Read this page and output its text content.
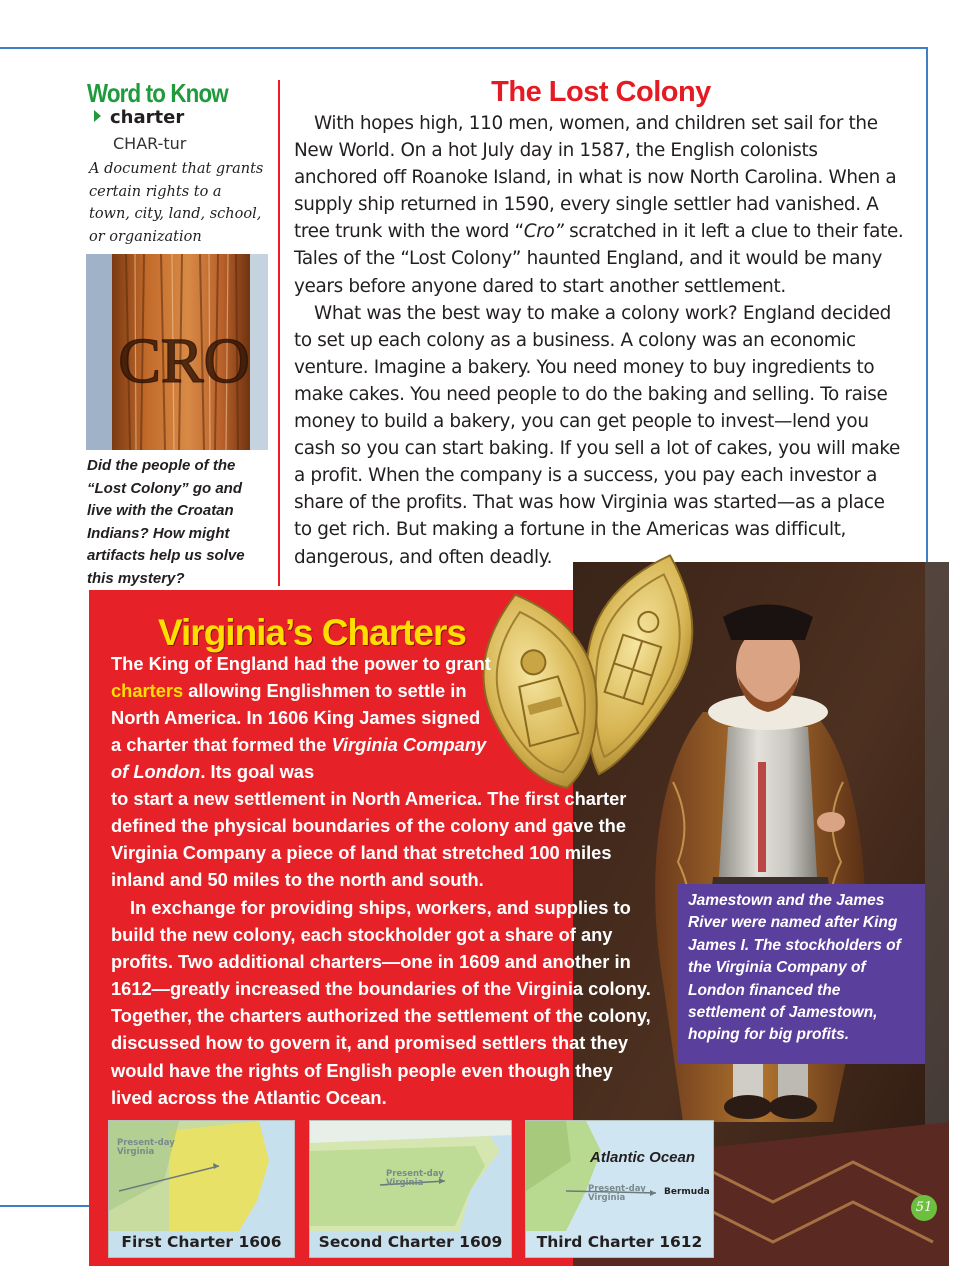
Word to Know
charter
CHAR-tur
A document that grants certain rights to a town, city, land, school, or organization
CRO
Did the people of the “Lost Colony” go and live with the Croatan Indians? How might artifacts help us solve this mystery?
The Lost Colony

With hopes high, 110 men, women, and children set sail for the New World. On a hot July day in 1587, the English colonists anchored off Roanoke Island, in what is now North Carolina. When a supply ship returned in 1590, every single settler had vanished. A tree trunk with the word “Cro” scratched in it left a clue to their fate. Tales of the “Lost Colony” haunted England, and it would be many years before anyone dared to start another settlement.

What was the best way to make a colony work? England decided to set up each colony as a business. A colony was an economic venture. Imagine a bakery. You need money to buy ingredients to make cakes. You need people to do the baking and selling. To raise money to build a bakery, you can get people to invest—lend you cash so you can start baking. If you sell a lot of cakes, you will make a profit. When the company is a success, you pay each investor a share of the profits. That was how Virginia was started—as a place to get rich. But making a fortune in the Americas was difficult, dangerous, and often deadly.

Virginia’s Charters
The King of England had the power to grant charters allowing Englishmen to settle in North America. In 1606 King James signed a charter that formed the Virginia Company of London. Its goal was
to start a new settlement in North America. The first charter defined the physical boundaries of the colony and gave the Virginia Company a piece of land that stretched 100 miles inland and 50 miles to the north and south.
In exchange for providing ships, workers, and supplies to build the new colony, each stockholder got a share of any profits. Two additional charters—one in 1609 and another in 1612—greatly increased the boundaries of the Virginia colony. Together, the charters authorized the settlement of the colony, discussed how to govern it, and promised settlers that they would have the rights of English people even though they lived across the Atlantic Ocean.
Jamestown and the James River were named after King James I. The stockholders of the Virginia Company of London financed the settlement of Jamestown, hoping for big profits.
Present-day
Virginia
First Charter 1606
Present-day
Virginia
Second Charter 1609
Atlantic Ocean
Present-day
Virginia
Bermuda
Third Charter 1612
51
